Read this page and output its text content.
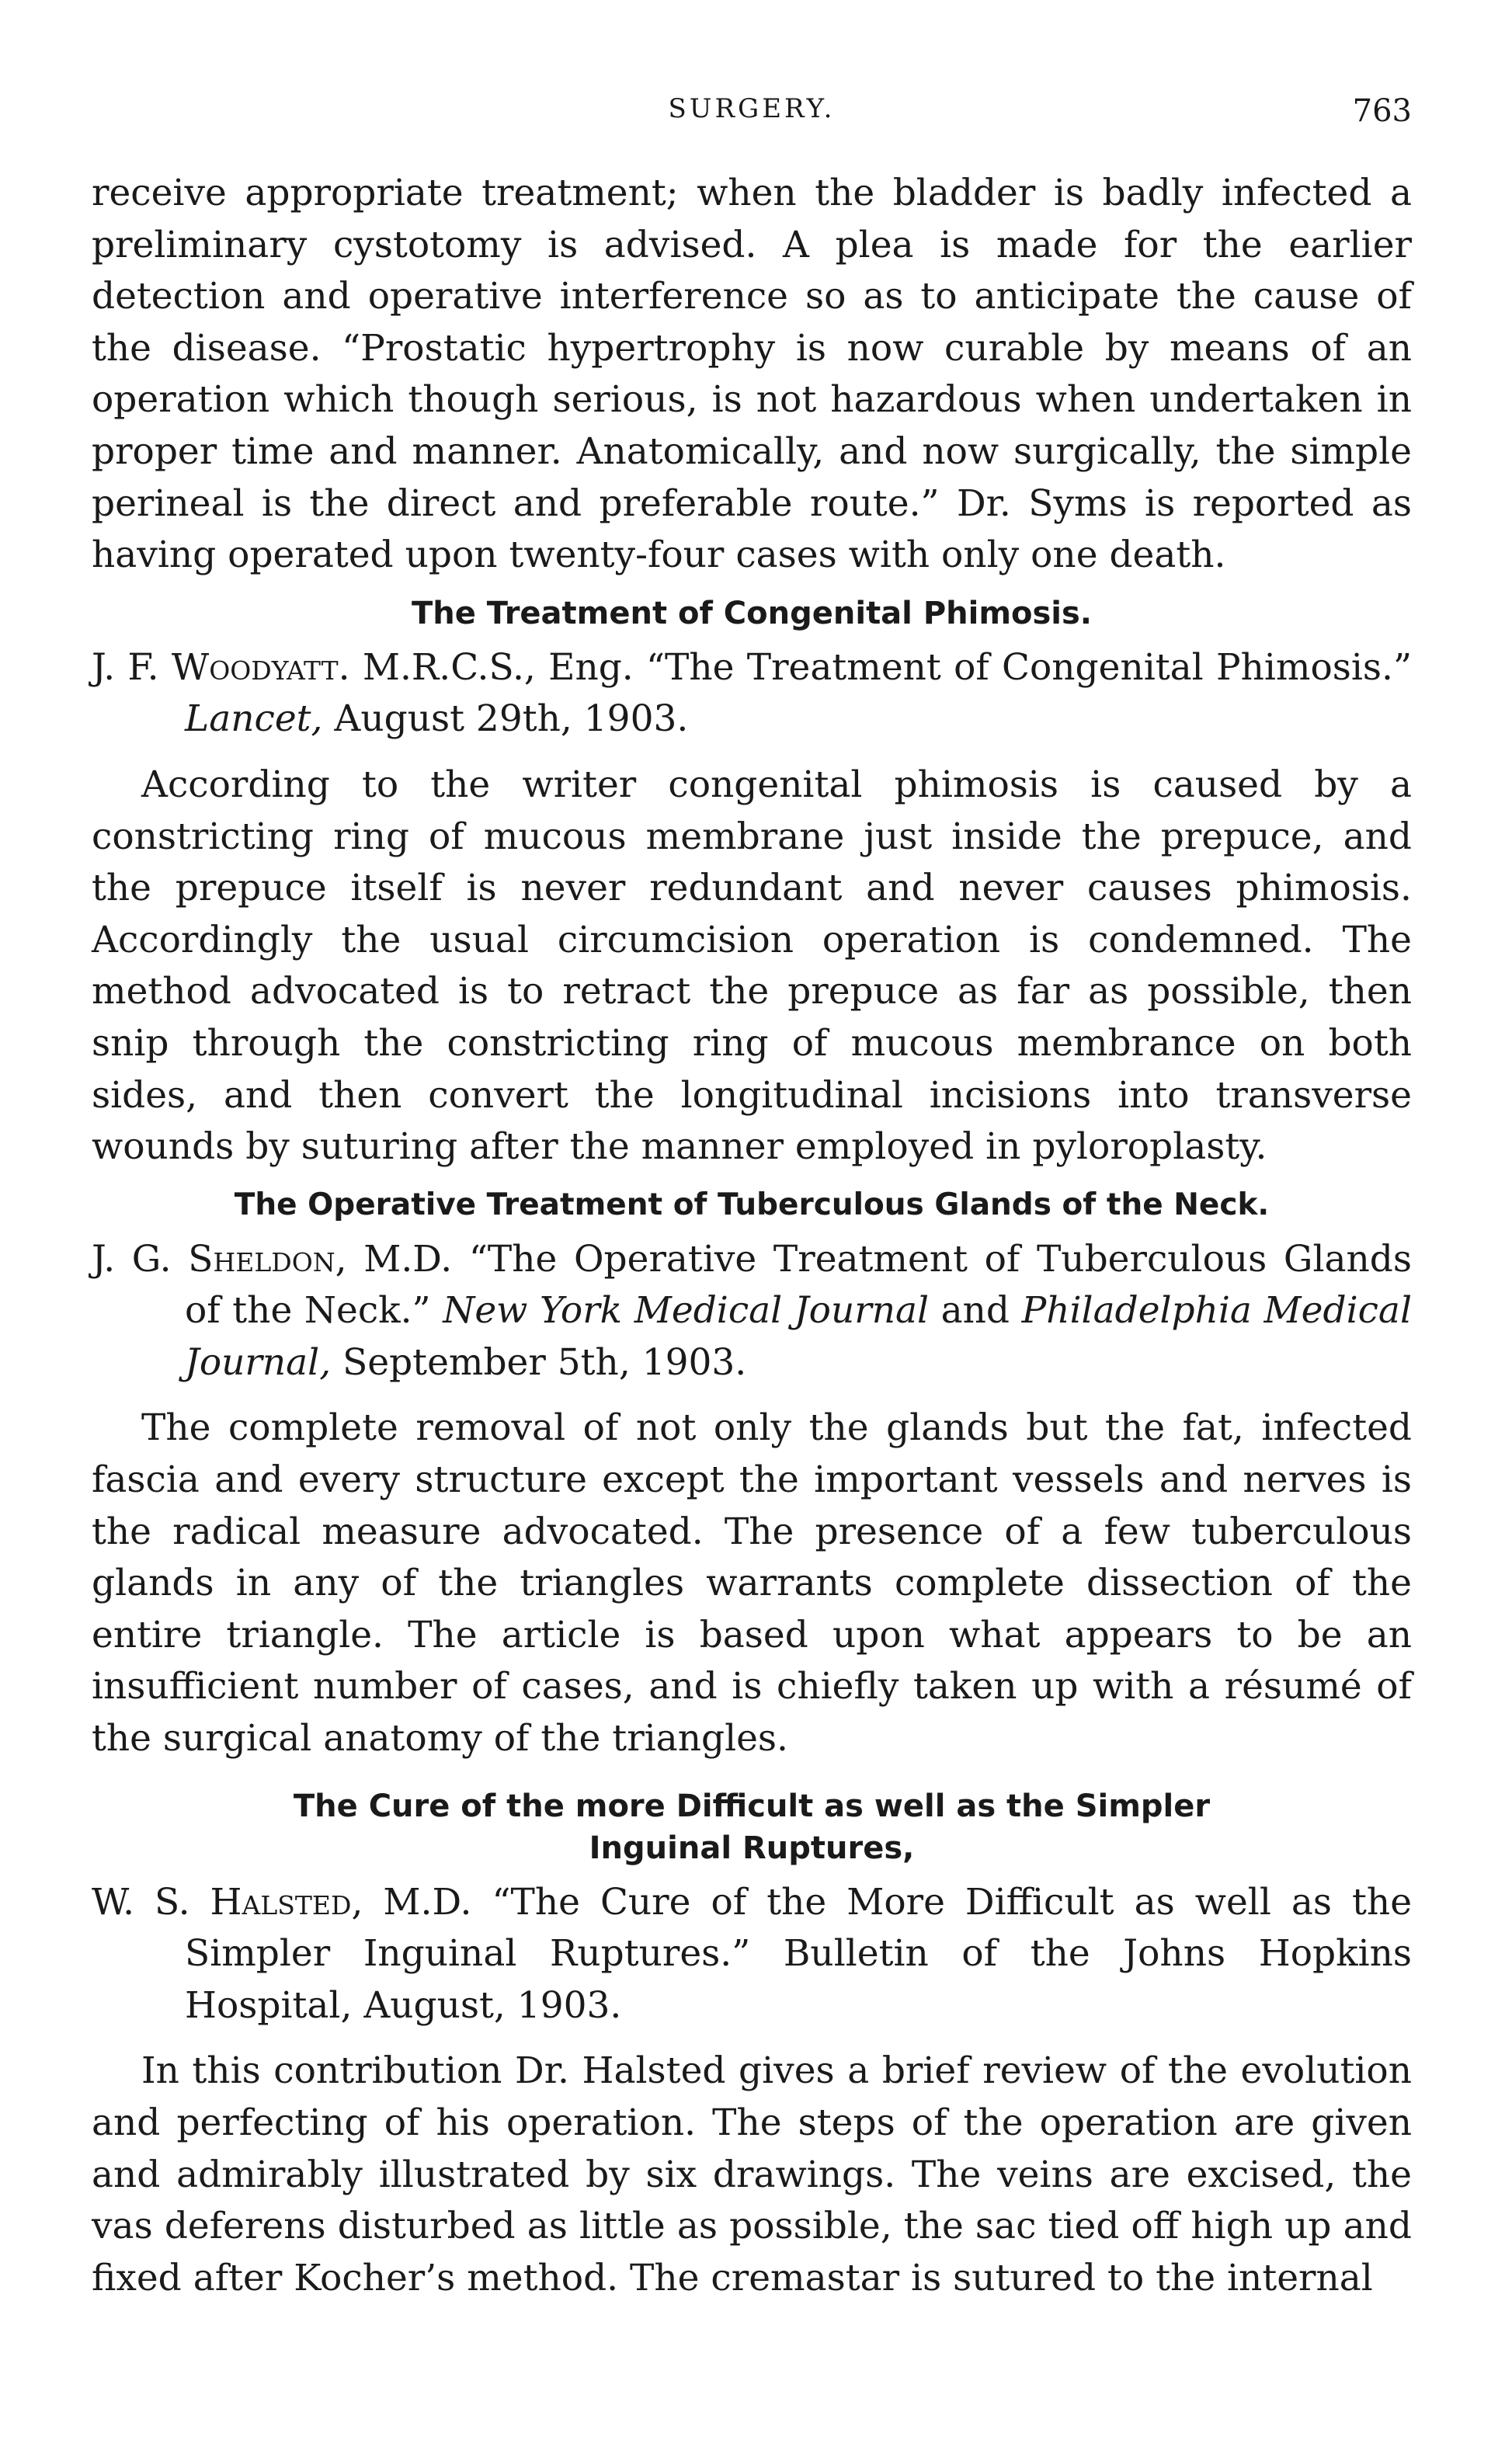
SURGERY.	763

receive appropriate treatment; when the bladder is badly infected a preliminary cystotomy is advised. A plea is made for the earlier detection and operative interference so as to anticipate the cause of the disease. “Prostatic hypertrophy is now curable by means of an operation which though serious, is not hazardous when undertaken in proper time and manner. Anatomically, and now surgically, the simple perineal is the direct and preferable route.” Dr. Syms is reported as having operated upon twenty-four cases with only one death.

The Treatment of Congenital Phimosis.
J. F. Woodyatt. M.R.C.S., Eng. “The Treatment of Congenital Phimosis.” Lancet, August 29th, 1903.

According to the writer congenital phimosis is caused by a constricting ring of mucous membrane just inside the prepuce, and the prepuce itself is never redundant and never causes phimosis. Accordingly the usual circumcision operation is condemned. The method advocated is to retract the prepuce as far as possible, then snip through the constricting ring of mucous membrance on both sides, and then convert the longitudinal incisions into transverse wounds by suturing after the manner employed in pyloroplasty.

The Operative Treatment of Tuberculous Glands of the Neck.
J. G. Sheldon, M.D. “The Operative Treatment of Tuberculous Glands of the Neck.” New York Medical Journal and Philadelphia Medical Journal, September 5th, 1903.

The complete removal of not only the glands but the fat, infected fascia and every structure except the important vessels and nerves is the radical measure advocated. The presence of a few tuberculous glands in any of the triangles warrants complete dissection of the entire triangle. The article is based upon what appears to be an insufficient number of cases, and is chiefly taken up with a résumé of the surgical anatomy of the triangles.

The Cure of the more Difficult as well as the Simpler
Inguinal Ruptures,
W. S. Halsted, M.D. “The Cure of the More Difficult as well as the Simpler Inguinal Ruptures.” Bulletin of the Johns Hopkins Hospital, August, 1903.

In this contribution Dr. Halsted gives a brief review of the evolution and perfecting of his operation. The steps of the operation are given and admirably illustrated by six drawings. The veins are excised, the vas deferens disturbed as little as possible, the sac tied off high up and fixed after Kocher’s method. The cremastar is sutured to the internal
